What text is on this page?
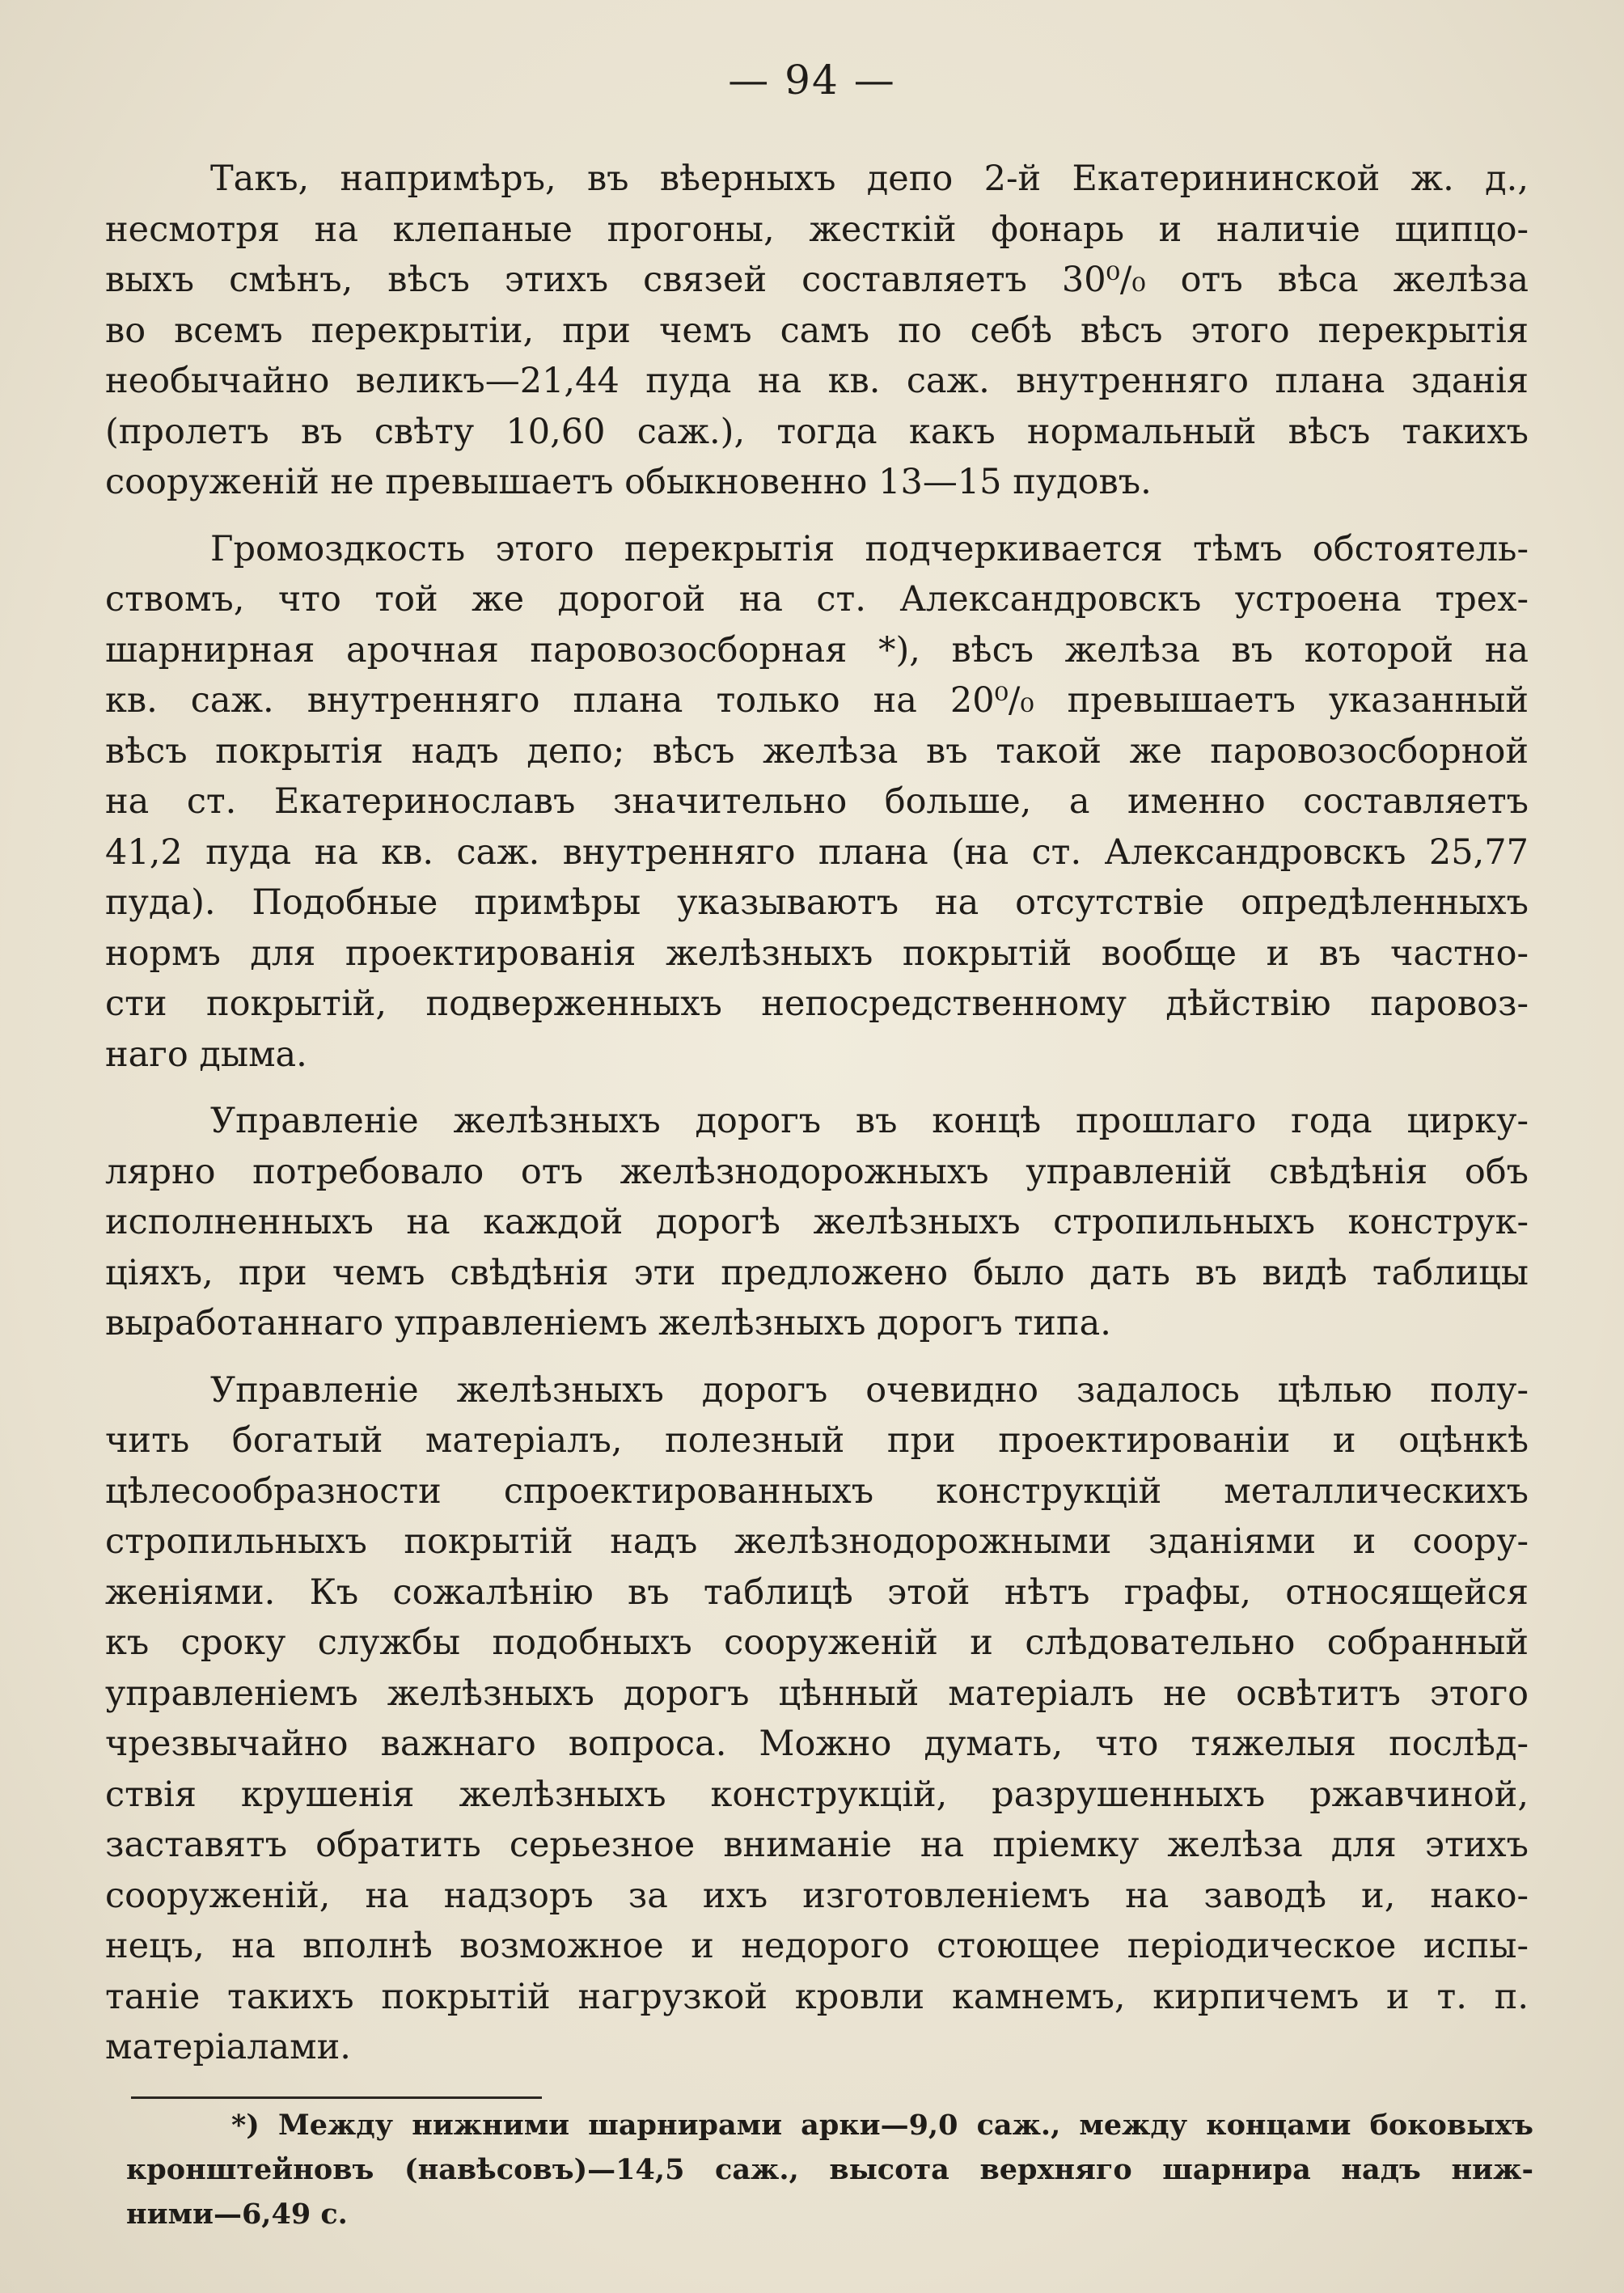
— 94 —
Такъ, напримѣръ, въ вѣерныхъ депо 2-й Екатерининской ж. д.,
несмотря на клепаные прогоны, жесткій фонарь и наличіе щипцо-
выхъ смѣнъ, вѣсъ этихъ связей составляетъ 30⁰/₀ отъ вѣса желѣза
во всемъ перекрытіи, при чемъ самъ по себѣ вѣсъ этого перекрытія
необычайно великъ—21,44 пуда на кв. саж. внутренняго плана зданія
(пролетъ въ свѣту 10,60 саж.), тогда какъ нормальный вѣсъ такихъ
сооруженій не превышаетъ обыкновенно 13—15 пудовъ.
Громоздкость этого перекрытія подчеркивается тѣмъ обстоятель-
ствомъ, что той же дорогой на ст. Александровскъ устроена трех-
шарнирная арочная паровозосборная *), вѣсъ желѣза въ которой на
кв. саж. внутренняго плана только на 20⁰/₀ превышаетъ указанный
вѣсъ покрытія надъ депо; вѣсъ желѣза въ такой же паровозосборной
на ст. Екатеринославъ значительно больше, а именно составляетъ
41,2 пуда на кв. саж. внутренняго плана (на ст. Александровскъ 25,77
пуда). Подобные примѣры указываютъ на отсутствіе опредѣленныхъ
нормъ для проектированія желѣзныхъ покрытій вообще и въ частно-
сти покрытій, подверженныхъ непосредственному дѣйствію паровоз-
наго дыма.
Управленіе желѣзныхъ дорогъ въ концѣ прошлаго года цирку-
лярно потребовало отъ желѣзнодорожныхъ управленій свѣдѣнія объ
исполненныхъ на каждой дорогѣ желѣзныхъ стропильныхъ конструк-
ціяхъ, при чемъ свѣдѣнія эти предложено было дать въ видѣ таблицы
выработаннаго управленіемъ желѣзныхъ дорогъ типа.
Управленіе желѣзныхъ дорогъ очевидно задалось цѣлью полу-
чить богатый матеріалъ, полезный при проектированіи и оцѣнкѣ
цѣлесообразности спроектированныхъ конструкцій металлическихъ
стропильныхъ покрытій надъ желѣзнодорожными зданіями и соору-
женіями. Къ сожалѣнію въ таблицѣ этой нѣтъ графы, относящейся
къ сроку службы подобныхъ сооруженій и слѣдовательно собранный
управленіемъ желѣзныхъ дорогъ цѣнный матеріалъ не освѣтитъ этого
чрезвычайно важнаго вопроса. Можно думать, что тяжелыя послѣд-
ствія крушенія желѣзныхъ конструкцій, разрушенныхъ ржавчиной,
заставятъ обратить серьезное вниманіе на пріемку желѣза для этихъ
сооруженій, на надзоръ за ихъ изготовленіемъ на заводѣ и, нако-
нецъ, на вполнѣ возможное и недорого стоющее періодическое испы-
таніе такихъ покрытій нагрузкой кровли камнемъ, кирпичемъ и т. п.
матеріалами.
*) Между нижними шарнирами арки—9,0 саж., между концами боковыхъ
кронштейновъ (навѣсовъ)—14,5 саж., высота верхняго шарнира надъ ниж-
ними—6,49 с.
